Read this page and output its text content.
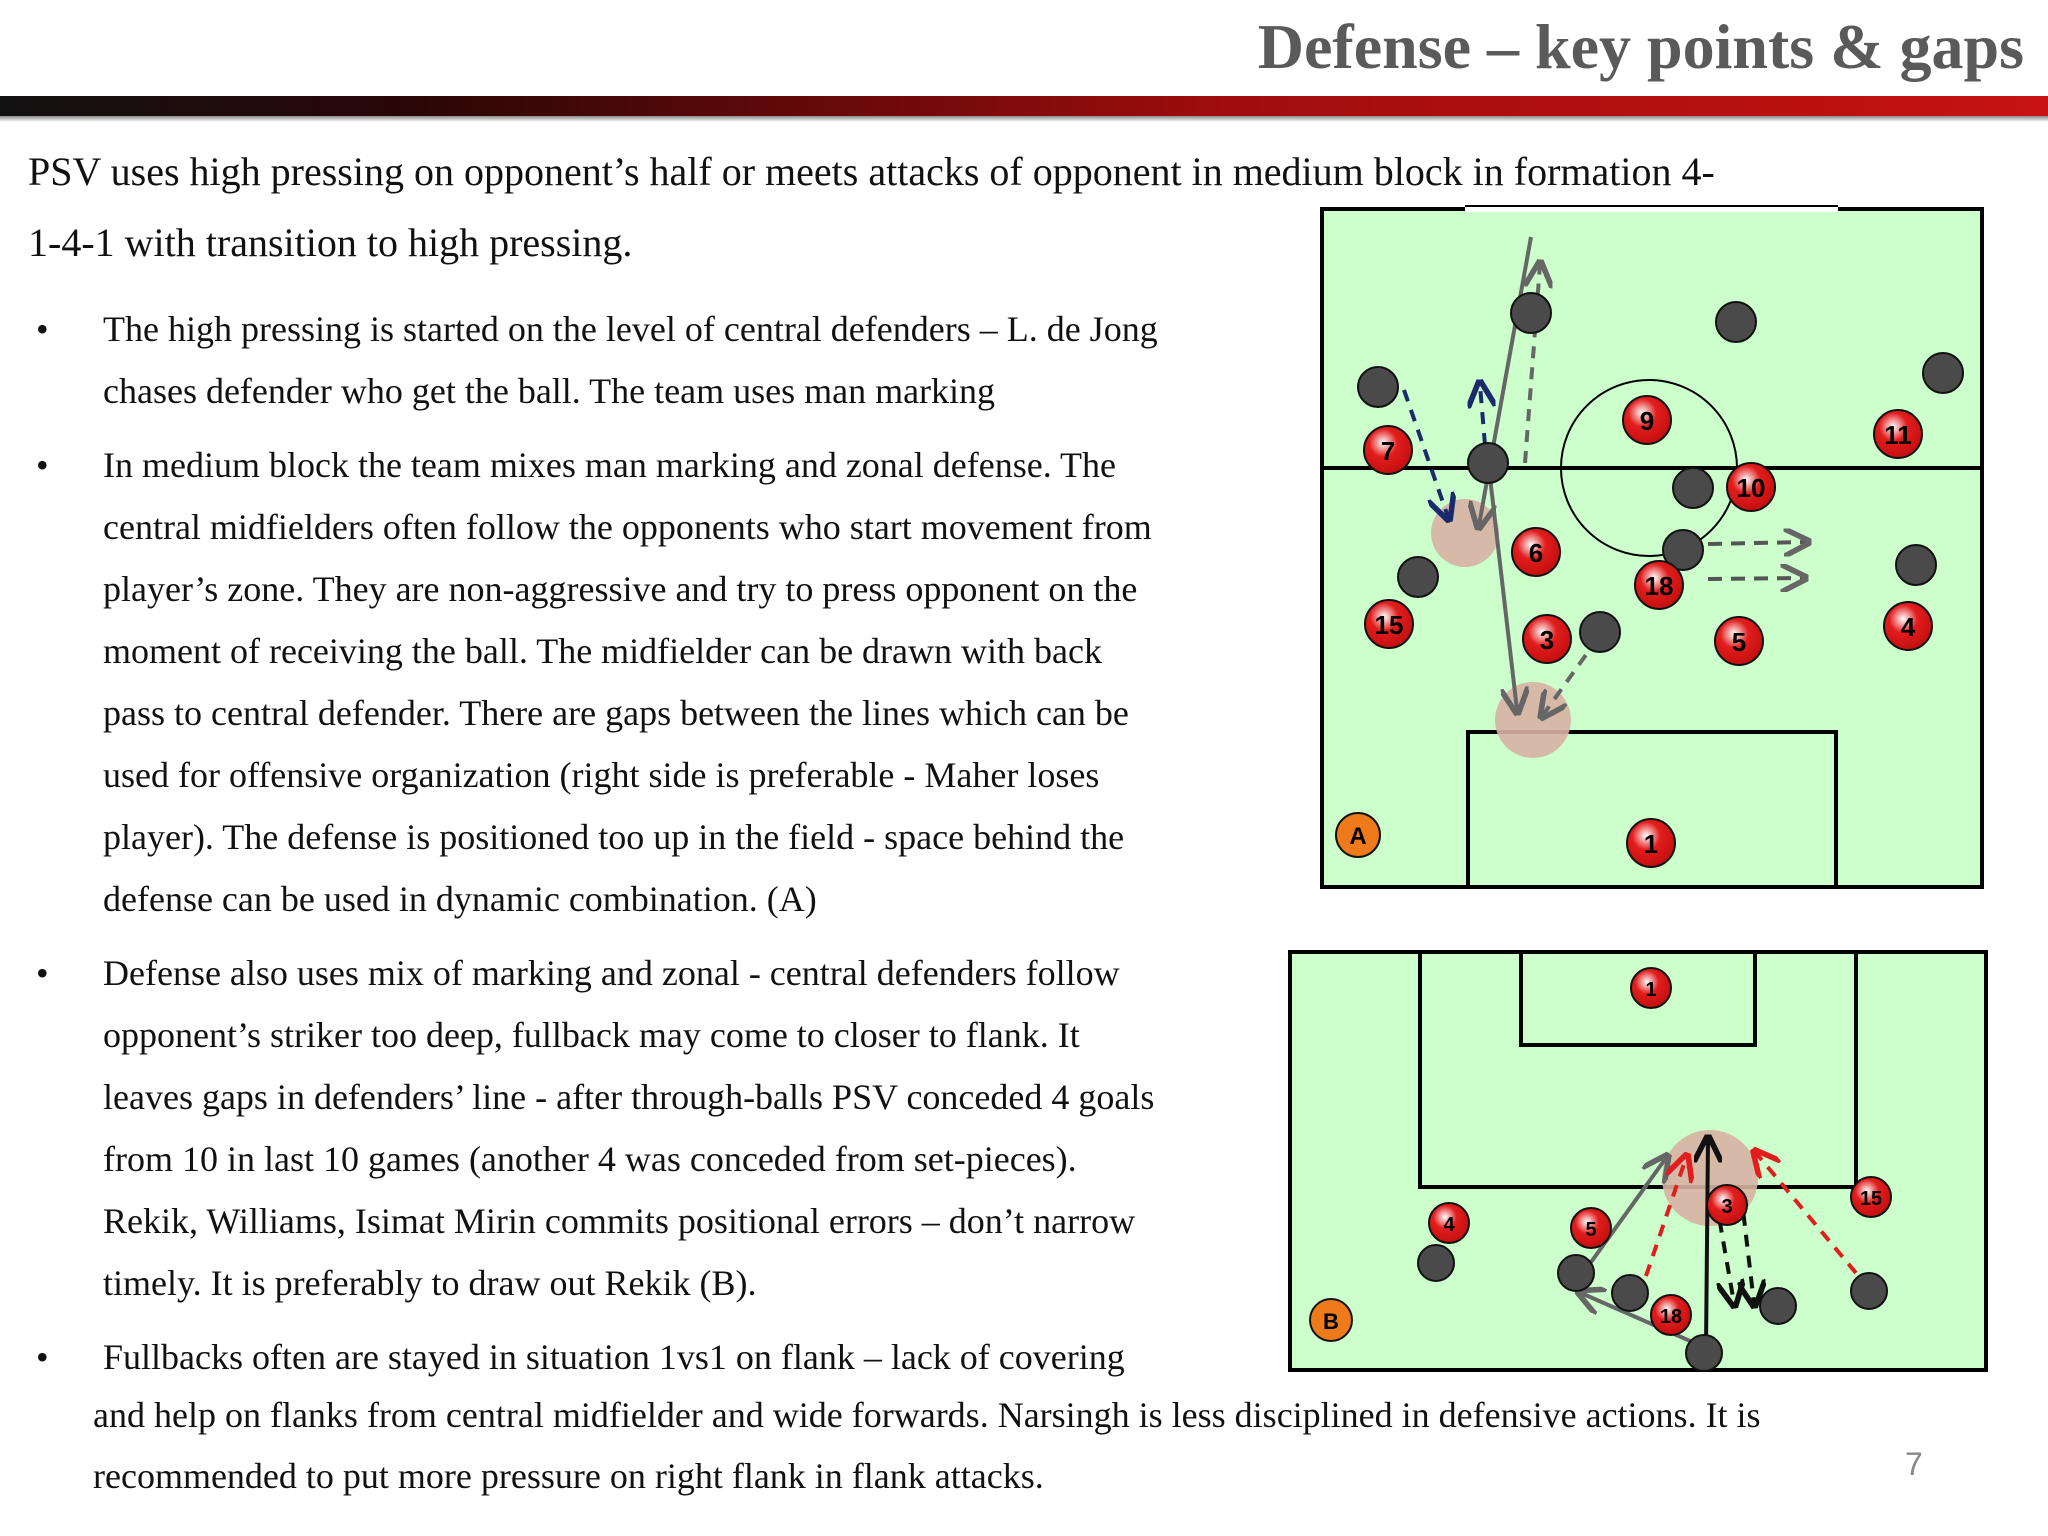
Defense – key points & gaps

PSV uses high pressing on opponent’s half or meets attacks of opponent in medium block in formation 4-

1-4-1 with transition to high pressing.

• The high pressing is started on the level of central defenders – L. de Jong

chases defender who get the ball. The team uses man marking

• In medium block the team mixes man marking and zonal defense. The

central midfielders often follow the opponents who start movement from

player’s zone. They are non-aggressive and try to press opponent on the

moment of receiving the ball. The midfielder can be drawn with back

pass to central defender. There are gaps between the lines which can be

used for offensive organization (right side is preferable - Maher loses

player). The defense is positioned too up in the field - space behind the

defense can be used in dynamic combination. (A)

• Defense also uses mix of marking and zonal - central defenders follow

opponent’s striker too deep, fullback may come to closer to flank. It

leaves gaps in defenders’ line - after through-balls PSV conceded 4 goals

from 10 in last 10 games (another 4 was conceded from set-pieces).

Rekik, Williams, Isimat Mirin commits positional errors – don’t narrow

timely. It is preferably to draw out Rekik (B).

• Fullbacks often are stayed in situation 1vs1 on flank – lack of covering

and help on flanks from central midfielder and wide forwards. Narsingh is less disciplined in defensive actions. It is

recommended to put more pressure on right flank in flank attacks.	7
7
9	11
10
6
18
15	3	5	4
1
A
1
4	5
3	15
18
B
